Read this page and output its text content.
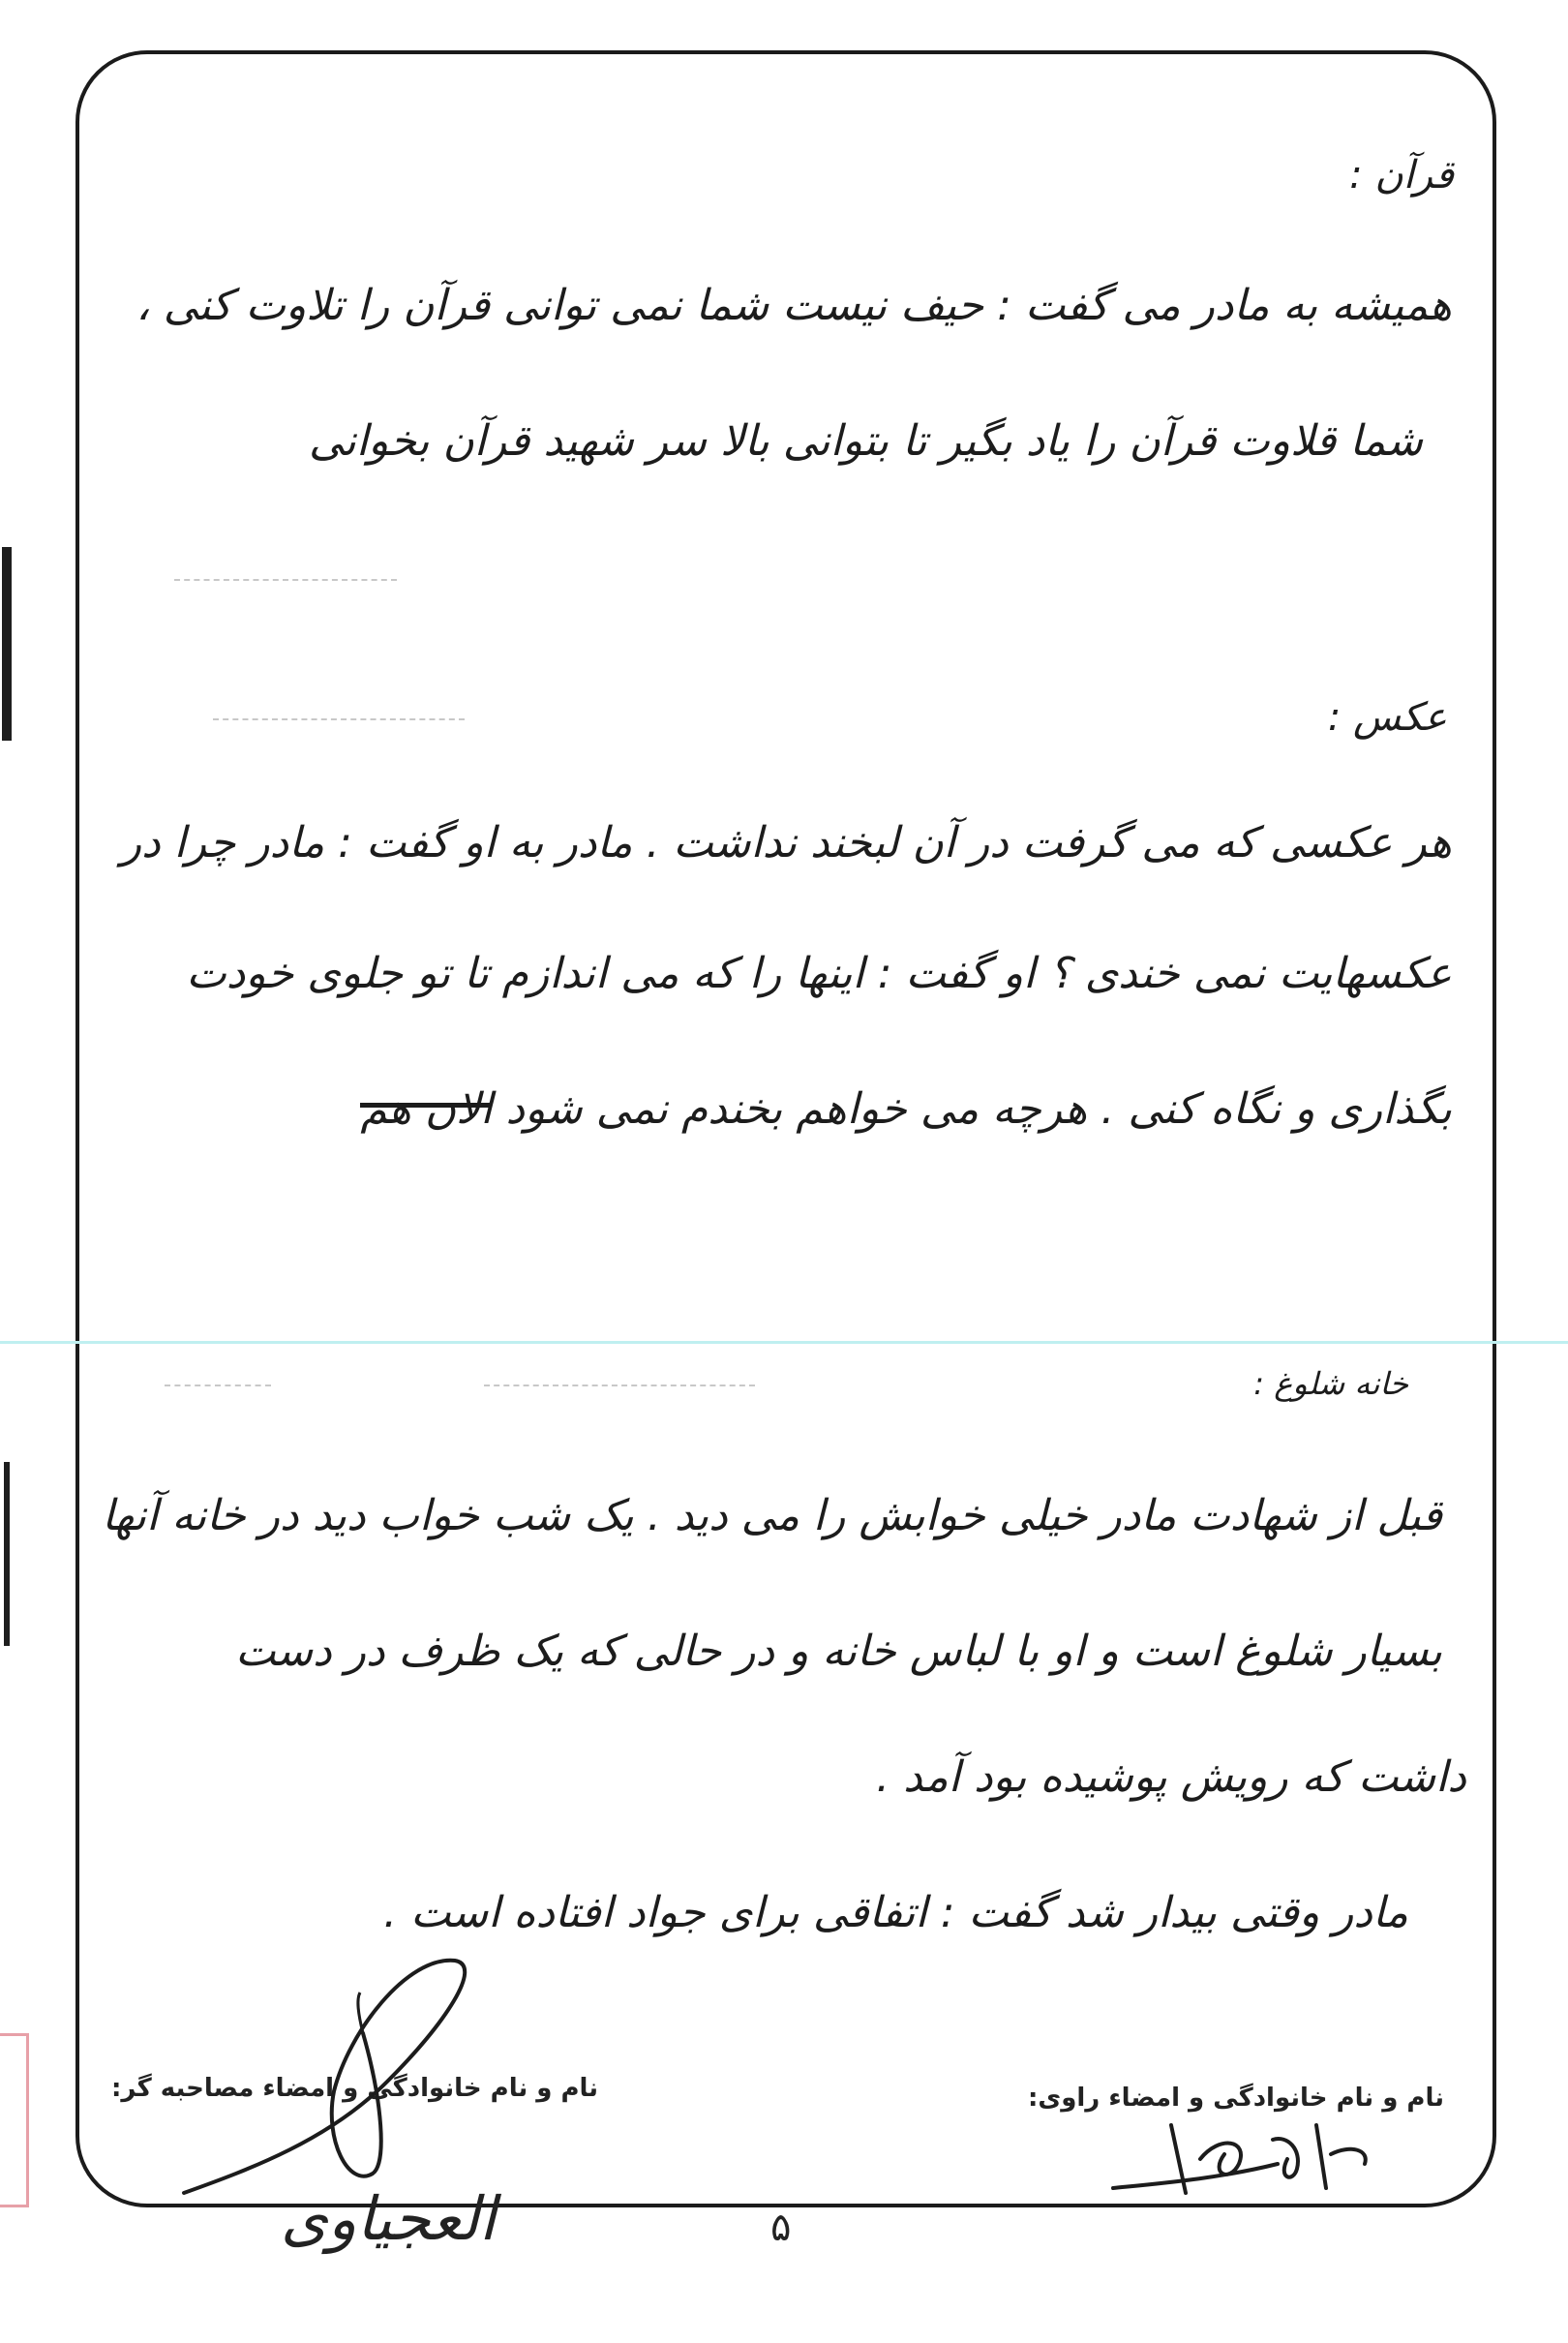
قرآن :
همیشه به مادر می گفت : حیف نیست شما نمی توانی قرآن را تلاوت کنی ،
شما قلاوت قرآن را یاد بگیر تا بتوانی بالا سر شهید قرآن بخوانی
عکس :
هر عکسی که می گرفت در آن لبخند نداشت . مادر به او گفت : مادر چرا در
عکسهایت نمی خندی ؟ او گفت : اینها را که می اندازم تا تو جلوی خودت
بگذاری و نگاه کنی . هرچه می خواهم بخندم نمی شود الان هم
خانه شلوغ :
قبل از شهادت مادر خیلی خوابش را می دید . یک شب خواب دید در خانه آنها
بسیار شلوغ است و او با لباس خانه و در حالی که یک ظرف در دست
داشت که رویش پوشیده بود آمد .
مادر وقتی بیدار شد گفت : اتفاقی برای جواد افتاده است .
نام و نام خانوادگی و امضاء راوی:
نام و نام خانوادگی و امضاء مصاحبه گر:
العجیاوی	۵
